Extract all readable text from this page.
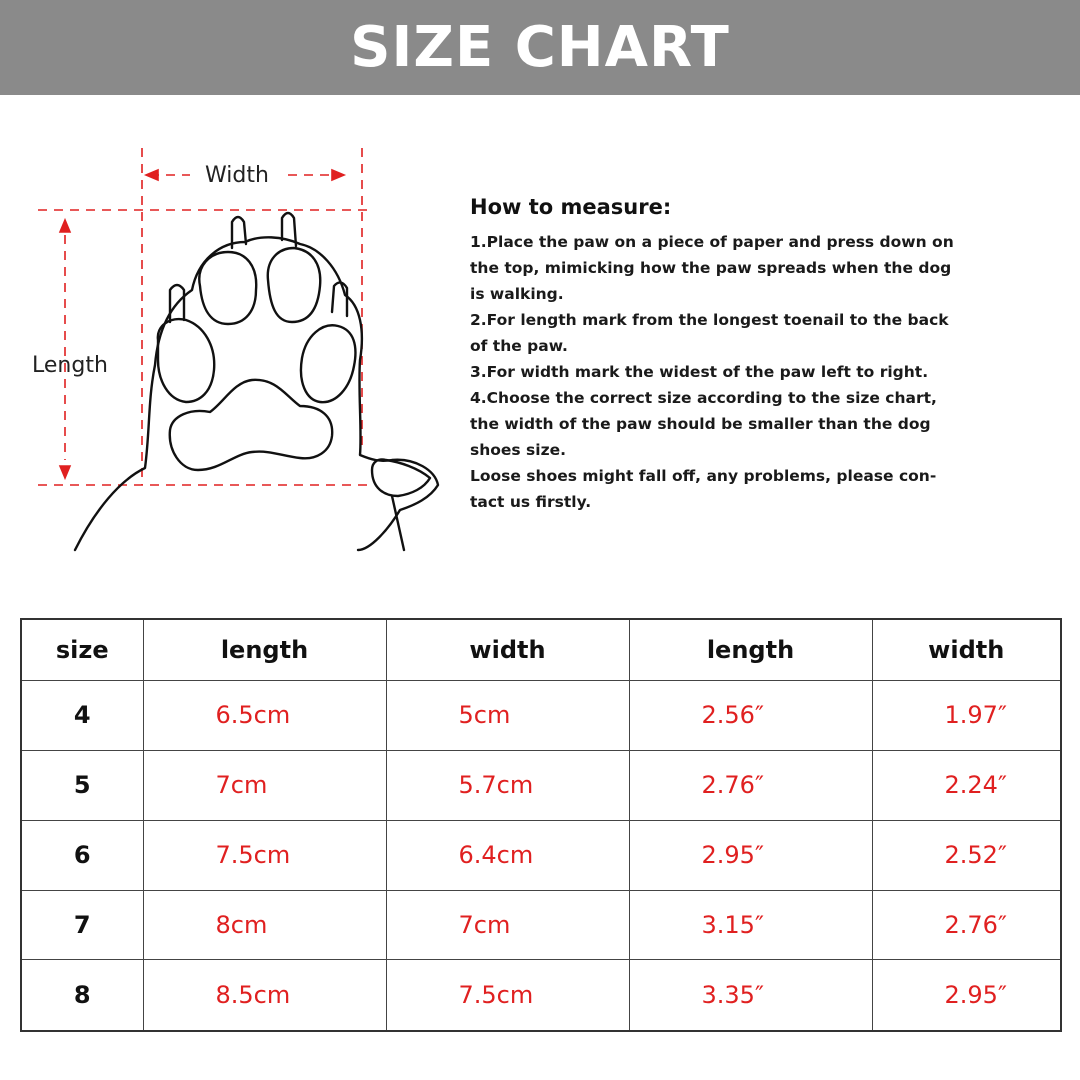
SIZE CHART
Width
Length
How to measure:
1.Place the paw on a piece of paper and press down on
the top, mimicking how the paw spreads when the dog
is walking.
2.For length mark from the longest toenail to the back
of the paw.
3.For width mark the widest of the paw left to right.
4.Choose the correct size according to the size chart,
the width of the paw should be smaller than the dog
shoes size.
Loose shoes might fall off, any problems, please con-
tact us firstly.
size	length	width	length	width
4	6.5cm	5cm	2.56″	1.97″
5	7cm	5.7cm	2.76″	2.24″
6	7.5cm	6.4cm	2.95″	2.52″
7	8cm	7cm	3.15″	2.76″
8	8.5cm	7.5cm	3.35″	2.95″
